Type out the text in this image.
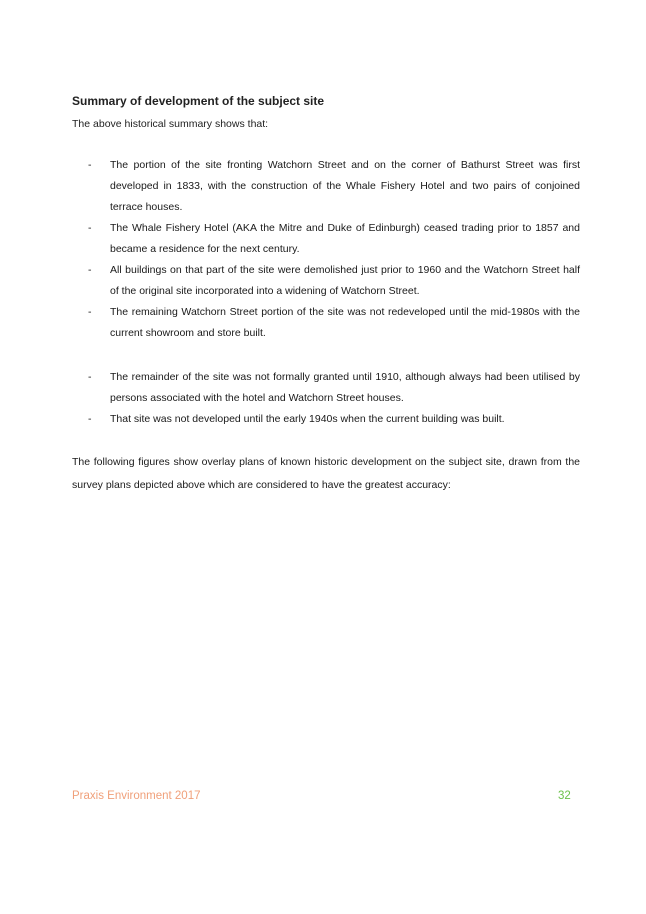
Summary of development of the subject site
The above historical summary shows that:
- The portion of the site fronting Watchorn Street and on the corner of Bathurst Street was first developed in 1833, with the construction of the Whale Fishery Hotel and two pairs of conjoined terrace houses.
- The Whale Fishery Hotel (AKA the Mitre and Duke of Edinburgh) ceased trading prior to 1857 and became a residence for the next century.
- All buildings on that part of the site were demolished just prior to 1960 and the Watchorn Street half of the original site incorporated into a widening of Watchorn Street.
- The remaining Watchorn Street portion of the site was not redeveloped until the mid-1980s with the current showroom and store built.
- The remainder of the site was not formally granted until 1910, although always had been utilised by persons associated with the hotel and Watchorn Street houses.
- That site was not developed until the early 1940s when the current building was built.
The following figures show overlay plans of known historic development on the subject site, drawn from the survey plans depicted above which are considered to have the greatest accuracy:
Praxis Environment 2017	32
